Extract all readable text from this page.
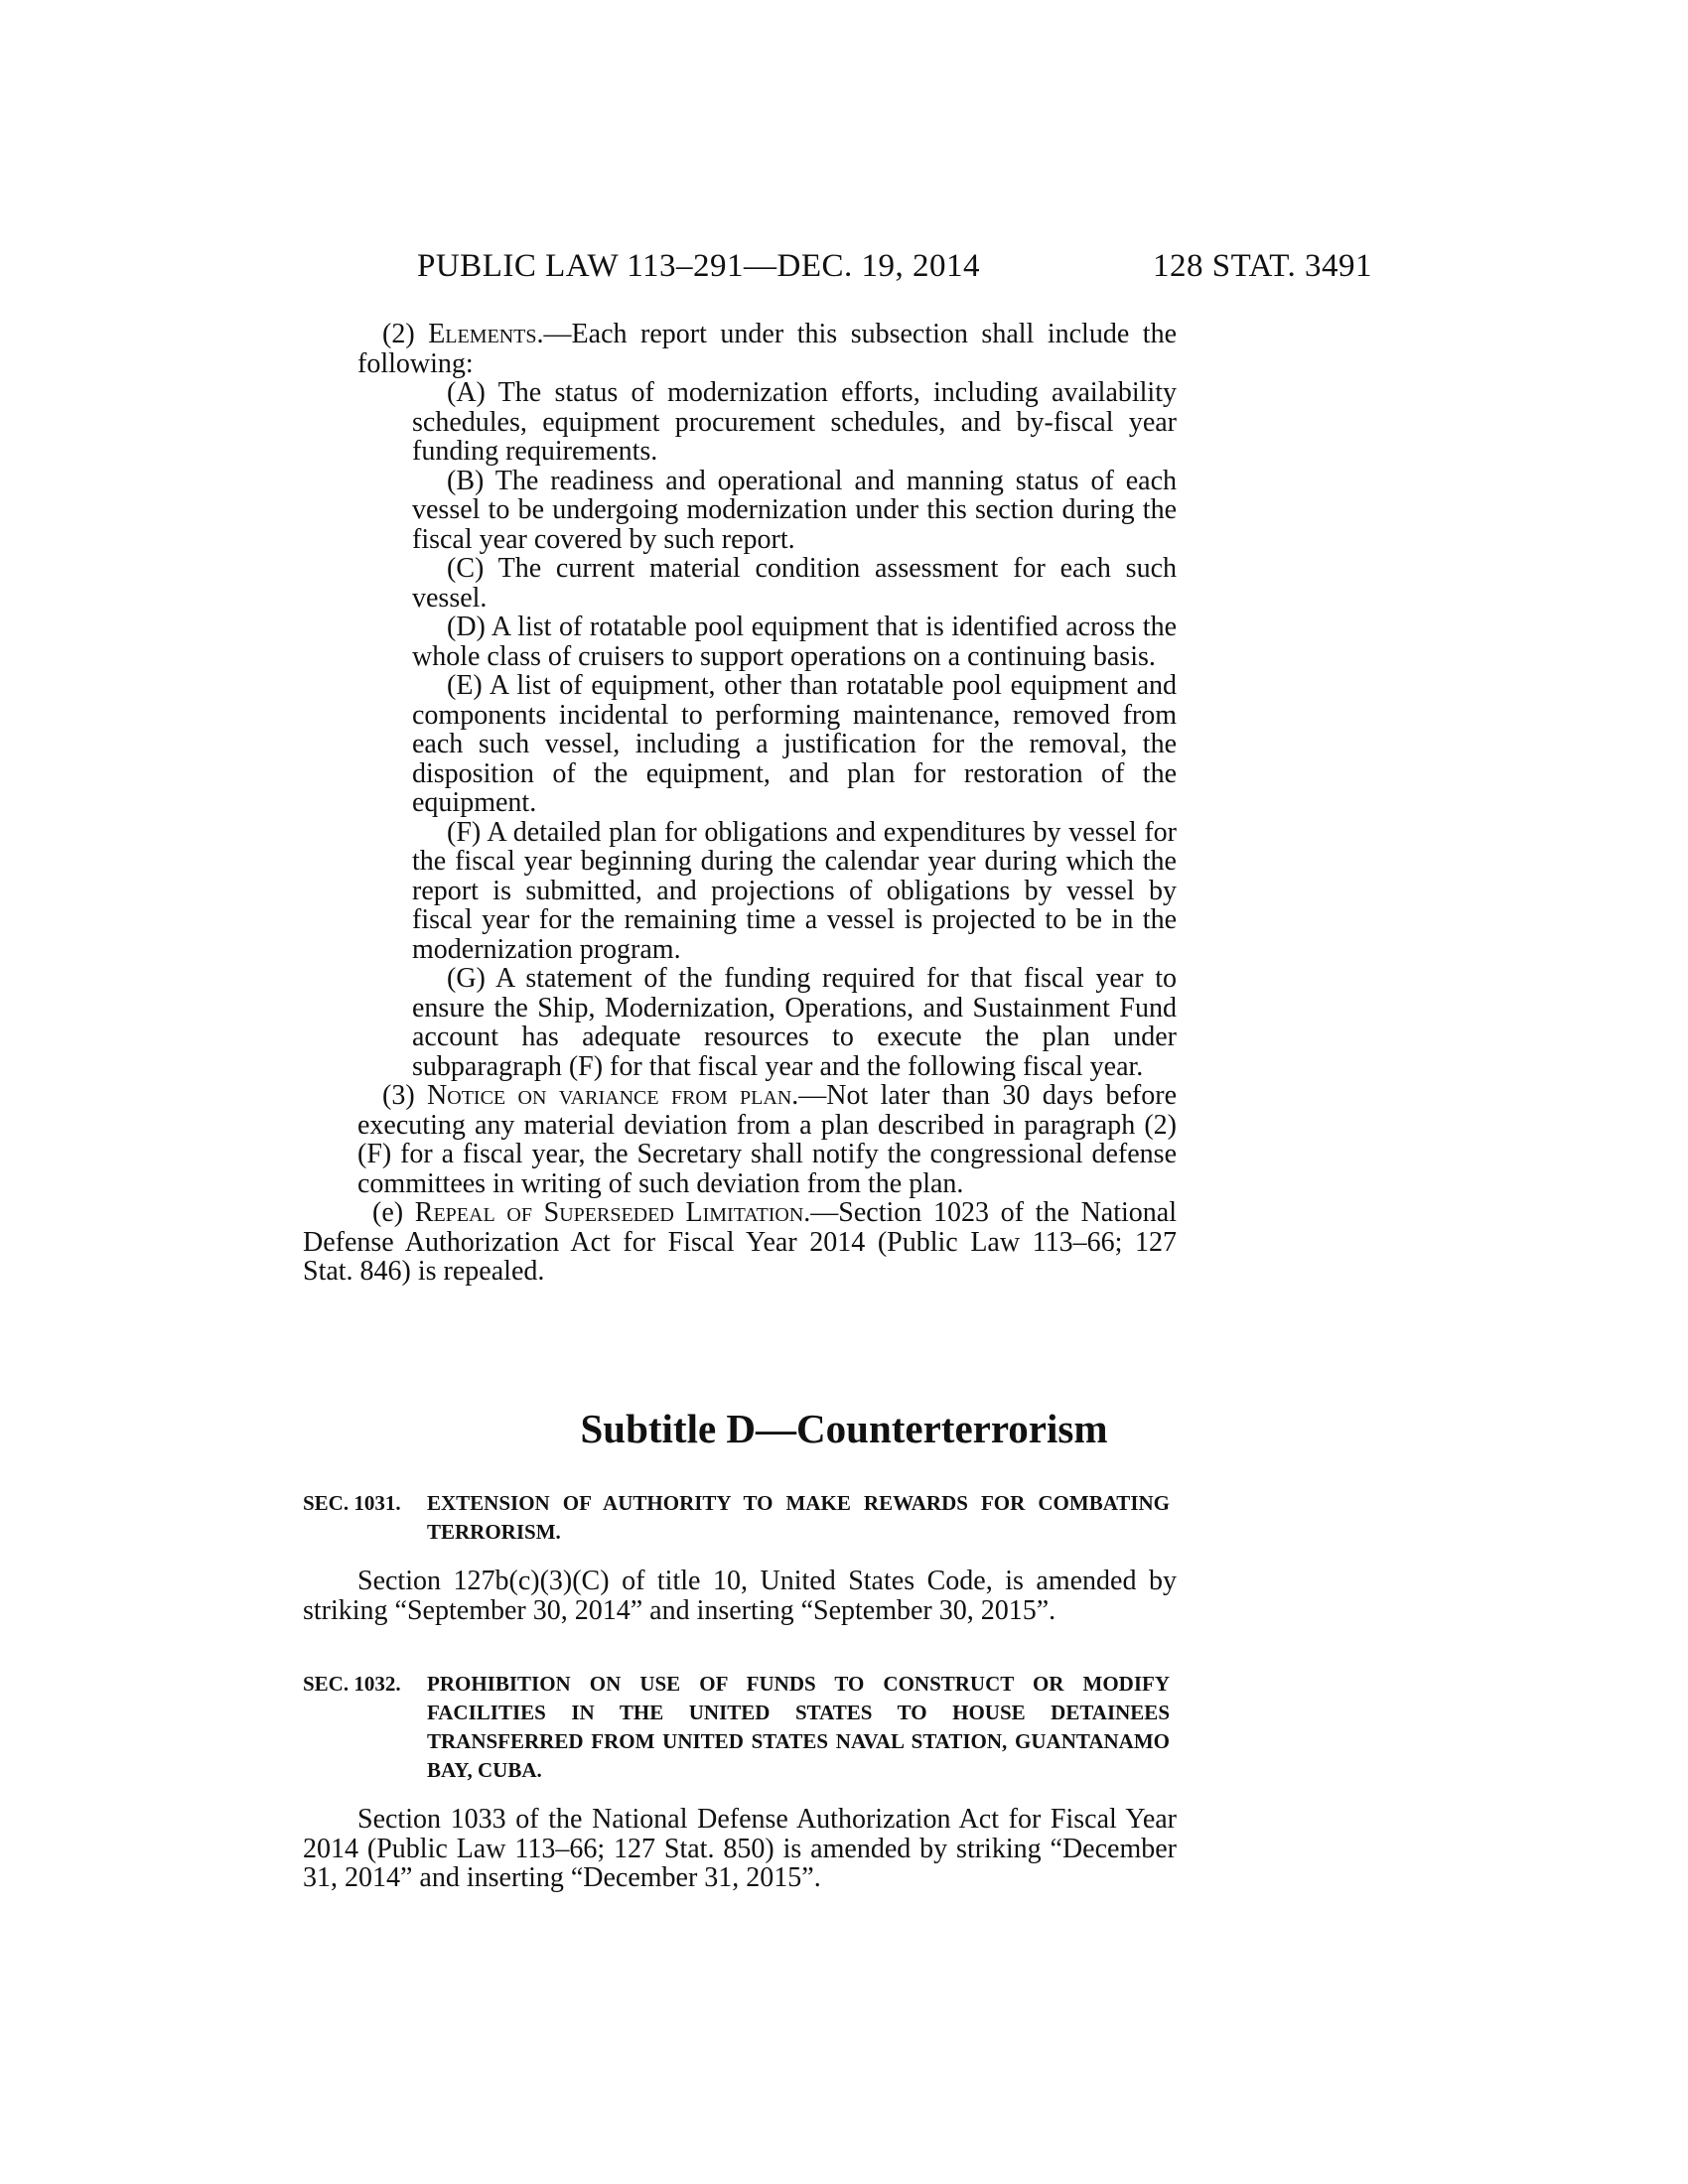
PUBLIC LAW 113–291—DEC. 19, 2014	128 STAT. 3491

(2) Elements.—Each report under this subsection shall include the following:

(A) The status of modernization efforts, including availability schedules, equipment procurement schedules, and by-fiscal year funding requirements.

(B) The readiness and operational and manning status of each vessel to be undergoing modernization under this section during the fiscal year covered by such report.

(C) The current material condition assessment for each such vessel.

(D) A list of rotatable pool equipment that is identified across the whole class of cruisers to support operations on a continuing basis.

(E) A list of equipment, other than rotatable pool equipment and components incidental to performing maintenance, removed from each such vessel, including a justification for the removal, the disposition of the equipment, and plan for restoration of the equipment.

(F) A detailed plan for obligations and expenditures by vessel for the fiscal year beginning during the calendar year during which the report is submitted, and projections of obligations by vessel by fiscal year for the remaining time a vessel is projected to be in the modernization program.

(G) A statement of the funding required for that fiscal year to ensure the Ship, Modernization, Operations, and Sustainment Fund account has adequate resources to execute the plan under subparagraph (F) for that fiscal year and the following fiscal year.

(3) Notice on variance from plan.—Not later than 30 days before executing any material deviation from a plan described in paragraph (2)(F) for a fiscal year, the Secretary shall notify the congressional defense committees in writing of such deviation from the plan.

(e) Repeal of Superseded Limitation.—Section 1023 of the National Defense Authorization Act for Fiscal Year 2014 (Public Law 113–66; 127 Stat. 846) is repealed.

Subtitle D—Counterterrorism
SEC. 1031. EXTENSION OF AUTHORITY TO MAKE REWARDS FOR COMBATING TERRORISM.
Section 127b(c)(3)(C) of title 10, United States Code, is amended by striking “September 30, 2014” and inserting “September 30, 2015”.
SEC. 1032. PROHIBITION ON USE OF FUNDS TO CONSTRUCT OR MODIFY FACILITIES IN THE UNITED STATES TO HOUSE DETAINEES TRANSFERRED FROM UNITED STATES NAVAL STATION, GUANTANAMO BAY, CUBA.
Section 1033 of the National Defense Authorization Act for Fiscal Year 2014 (Public Law 113–66; 127 Stat. 850) is amended by striking “December 31, 2014” and inserting “December 31, 2015”.
